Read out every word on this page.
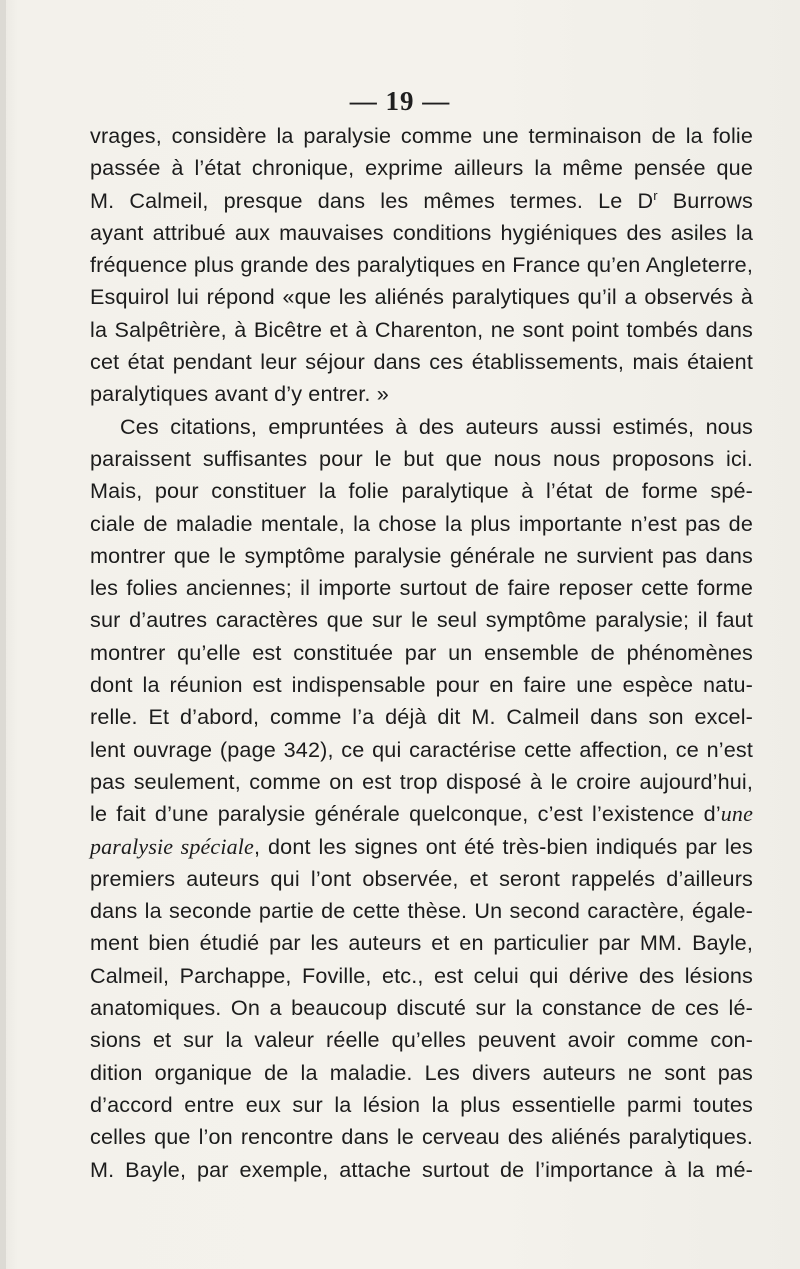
— 19 —
vrages, considère la paralysie comme une terminaison de la folie
passée à l’état chronique, exprime ailleurs la même pensée que
M. Calmeil, presque dans les mêmes termes. Le $D^r$ Burrows
ayant attribué aux mauvaises conditions hygiéniques des asiles la
fréquence plus grande des paralytiques en France qu’en Angleterre,
Esquirol lui répond «que les aliénés paralytiques qu’il a observés à
la Salpêtrière, à Bicêtre et à Charenton, ne sont point tombés dans
cet état pendant leur séjour dans ces établissements, mais étaient
paralytiques avant d’y entrer. »
Ces citations, empruntées à des auteurs aussi estimés, nous
paraissent suffisantes pour le but que nous nous proposons ici.
Mais, pour constituer la folie paralytique à l’état de forme spé-
ciale de maladie mentale, la chose la plus importante n’est pas de
montrer que le symptôme paralysie générale ne survient pas dans
les folies anciennes; il importe surtout de faire reposer cette forme
sur d’autres caractères que sur le seul symptôme paralysie; il faut
montrer qu’elle est constituée par un ensemble de phénomènes
dont la réunion est indispensable pour en faire une espèce natu-
relle. Et d’abord, comme l’a déjà dit M. Calmeil dans son excel-
lent ouvrage (page 342), ce qui caractérise cette affection, ce n’est
pas seulement, comme on est trop disposé à le croire aujourd’hui,
le fait d’une paralysie générale quelconque, c’est l’existence d’une
paralysie spéciale, dont les signes ont été très-bien indiqués par les
premiers auteurs qui l’ont observée, et seront rappelés d’ailleurs
dans la seconde partie de cette thèse. Un second caractère, égale-
ment bien étudié par les auteurs et en particulier par MM. Bayle,
Calmeil, Parchappe, Foville, etc., est celui qui dérive des lésions
anatomiques. On a beaucoup discuté sur la constance de ces lé-
sions et sur la valeur réelle qu’elles peuvent avoir comme con-
dition organique de la maladie. Les divers auteurs ne sont pas
d’accord entre eux sur la lésion la plus essentielle parmi toutes
celles que l’on rencontre dans le cerveau des aliénés paralytiques.
M. Bayle, par exemple, attache surtout de l’importance à la mé-
